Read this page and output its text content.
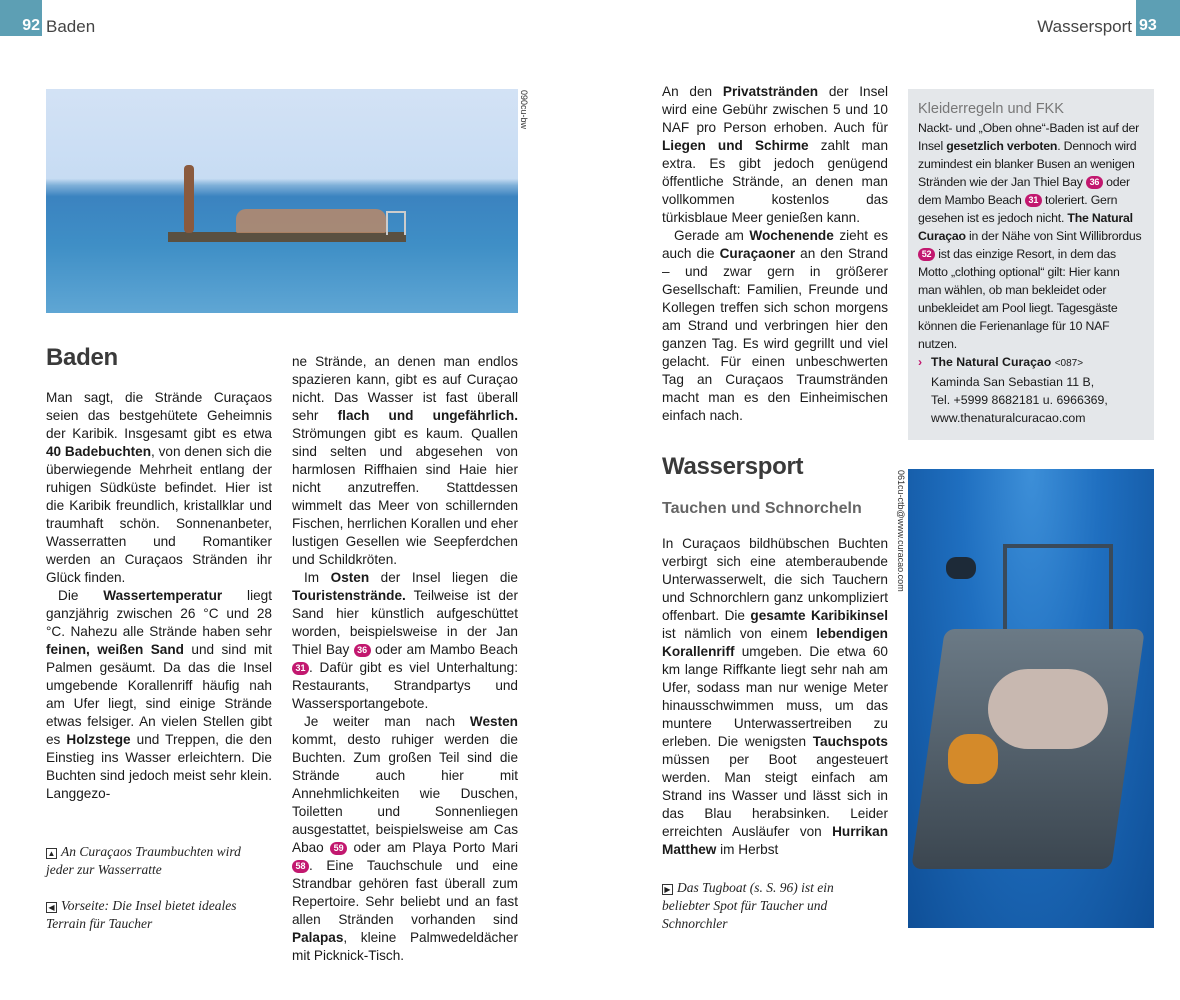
92 Baden	Wassersport 93
090cu-bw
Baden

Man sagt, die Strände Curaçaos seien das bestgehütete Geheimnis der Karibik. Insgesamt gibt es etwa 40 Badebuchten, von denen sich die überwiegende Mehrheit entlang der ruhigen Südküste befindet. Hier ist die Karibik freundlich, kristallklar und traumhaft schön. Sonnenanbeter, Wasserratten und Romantiker werden an Curaçaos Stränden ihr Glück finden.

Die Wassertemperatur liegt ganzjährig zwischen 26 °C und 28 °C. Nahezu alle Strände haben sehr feinen, weißen Sand und sind mit Palmen gesäumt. Da das die Insel umgebende Korallenriff häufig nah am Ufer liegt, sind einige Strände etwas felsiger. An vielen Stellen gibt es Holzstege und Treppen, die den Einstieg ins Wasser erleichtern. Die Buchten sind jedoch meist sehr klein. Langgezo-

ne Strände, an denen man endlos spazieren kann, gibt es auf Curaçao nicht. Das Wasser ist fast überall sehr flach und ungefährlich. Strömungen gibt es kaum. Quallen sind selten und abgesehen von harmlosen Riffhaien sind Haie hier nicht anzutreffen. Stattdessen wimmelt das Meer von schillernden Fischen, herrlichen Korallen und eher lustigen Gesellen wie Seepferdchen und Schildkröten.

Im Osten der Insel liegen die Touristenstrände. Teilweise ist der Sand hier künstlich aufgeschüttet worden, beispielsweise in der Jan Thiel Bay 36 oder am Mambo Beach 31 . Dafür gibt es viel Unterhaltung: Restaurants, Strandpartys und Wassersportangebote.

Je weiter man nach Westen kommt, desto ruhiger werden die Buchten. Zum großen Teil sind die Strände auch hier mit Annehmlichkeiten wie Duschen, Toiletten und Sonnenliegen ausgestattet, beispielsweise am Cas Abao 59 oder am Playa Porto Mari 58 . Eine Tauchschule und eine Strandbar gehören fast überall zum Repertoire. Sehr beliebt und an fast allen Stränden vorhanden sind Palapas, kleine Palmwedeldächer mit Picknick-Tisch.

▲ An Curaçaos Traumbuchten wird jeder zur Wasserratte
◀ Vorseite: Die Insel bietet ideales Terrain für Taucher

An den Privatstränden der Insel wird eine Gebühr zwischen 5 und 10 NAF pro Person erhoben. Auch für Liegen und Schirme zahlt man extra. Es gibt jedoch genügend öffentliche Strände, an denen man vollkommen kostenlos das türkisblaue Meer genießen kann.

Gerade am Wochenende zieht es auch die Curaçaoner an den Strand – und zwar gern in größerer Gesellschaft: Familien, Freunde und Kollegen treffen sich schon morgens am Strand und verbringen hier den ganzen Tag. Es wird gegrillt und viel gelacht. Für einen unbeschwerten Tag an Curaçaos Traumstränden macht man es den Einheimischen einfach nach.

Wassersport
Tauchen und Schnorcheln

In Curaçaos bildhübschen Buchten verbirgt sich eine atemberaubende Unterwasserwelt, die sich Tauchern und Schnorchlern ganz unkompliziert offenbart. Die gesamte Karibikinsel ist nämlich von einem lebendigen Korallenriff umgeben. Die etwa 60 km lange Riffkante liegt sehr nah am Ufer, sodass man nur wenige Meter hinausschwimmen muss, um das muntere Unterwassertreiben zu erleben. Die wenigsten Tauchspots müssen per Boot angesteuert werden. Man steigt einfach am Strand ins Wasser und lässt sich in das Blau herabsinken. Leider erreichten Ausläufer von Hurrikan Matthew im Herbst

▶ Das Tugboat (s. S. 96) ist ein beliebter Spot für Taucher und Schnorchler
Kleiderregeln und FKK

Nackt- und „Oben ohne“-Baden ist auf der Insel gesetzlich verboten. Dennoch wird zumindest ein blanker Busen an wenigen Stränden wie der Jan Thiel Bay 36 oder dem Mambo Beach 31 toleriert. Gern gesehen ist es jedoch nicht. The Natural Curaçao in der Nähe von Sint Willibrordus 52 ist das einzige Resort, in dem das Motto „clothing optional“ gilt: Hier kann man wählen, ob man bekleidet oder unbekleidet am Pool liegt. Tagesgäste können die Ferienanlage für 10 NAF nutzen.

› The Natural Curaçao <087>
Kaminda San Sebastian 11 B,
Tel. +5999 8682181 u. 6966369,
www.thenaturalcuracao.com
061cu-ctb@www.curacao.com
